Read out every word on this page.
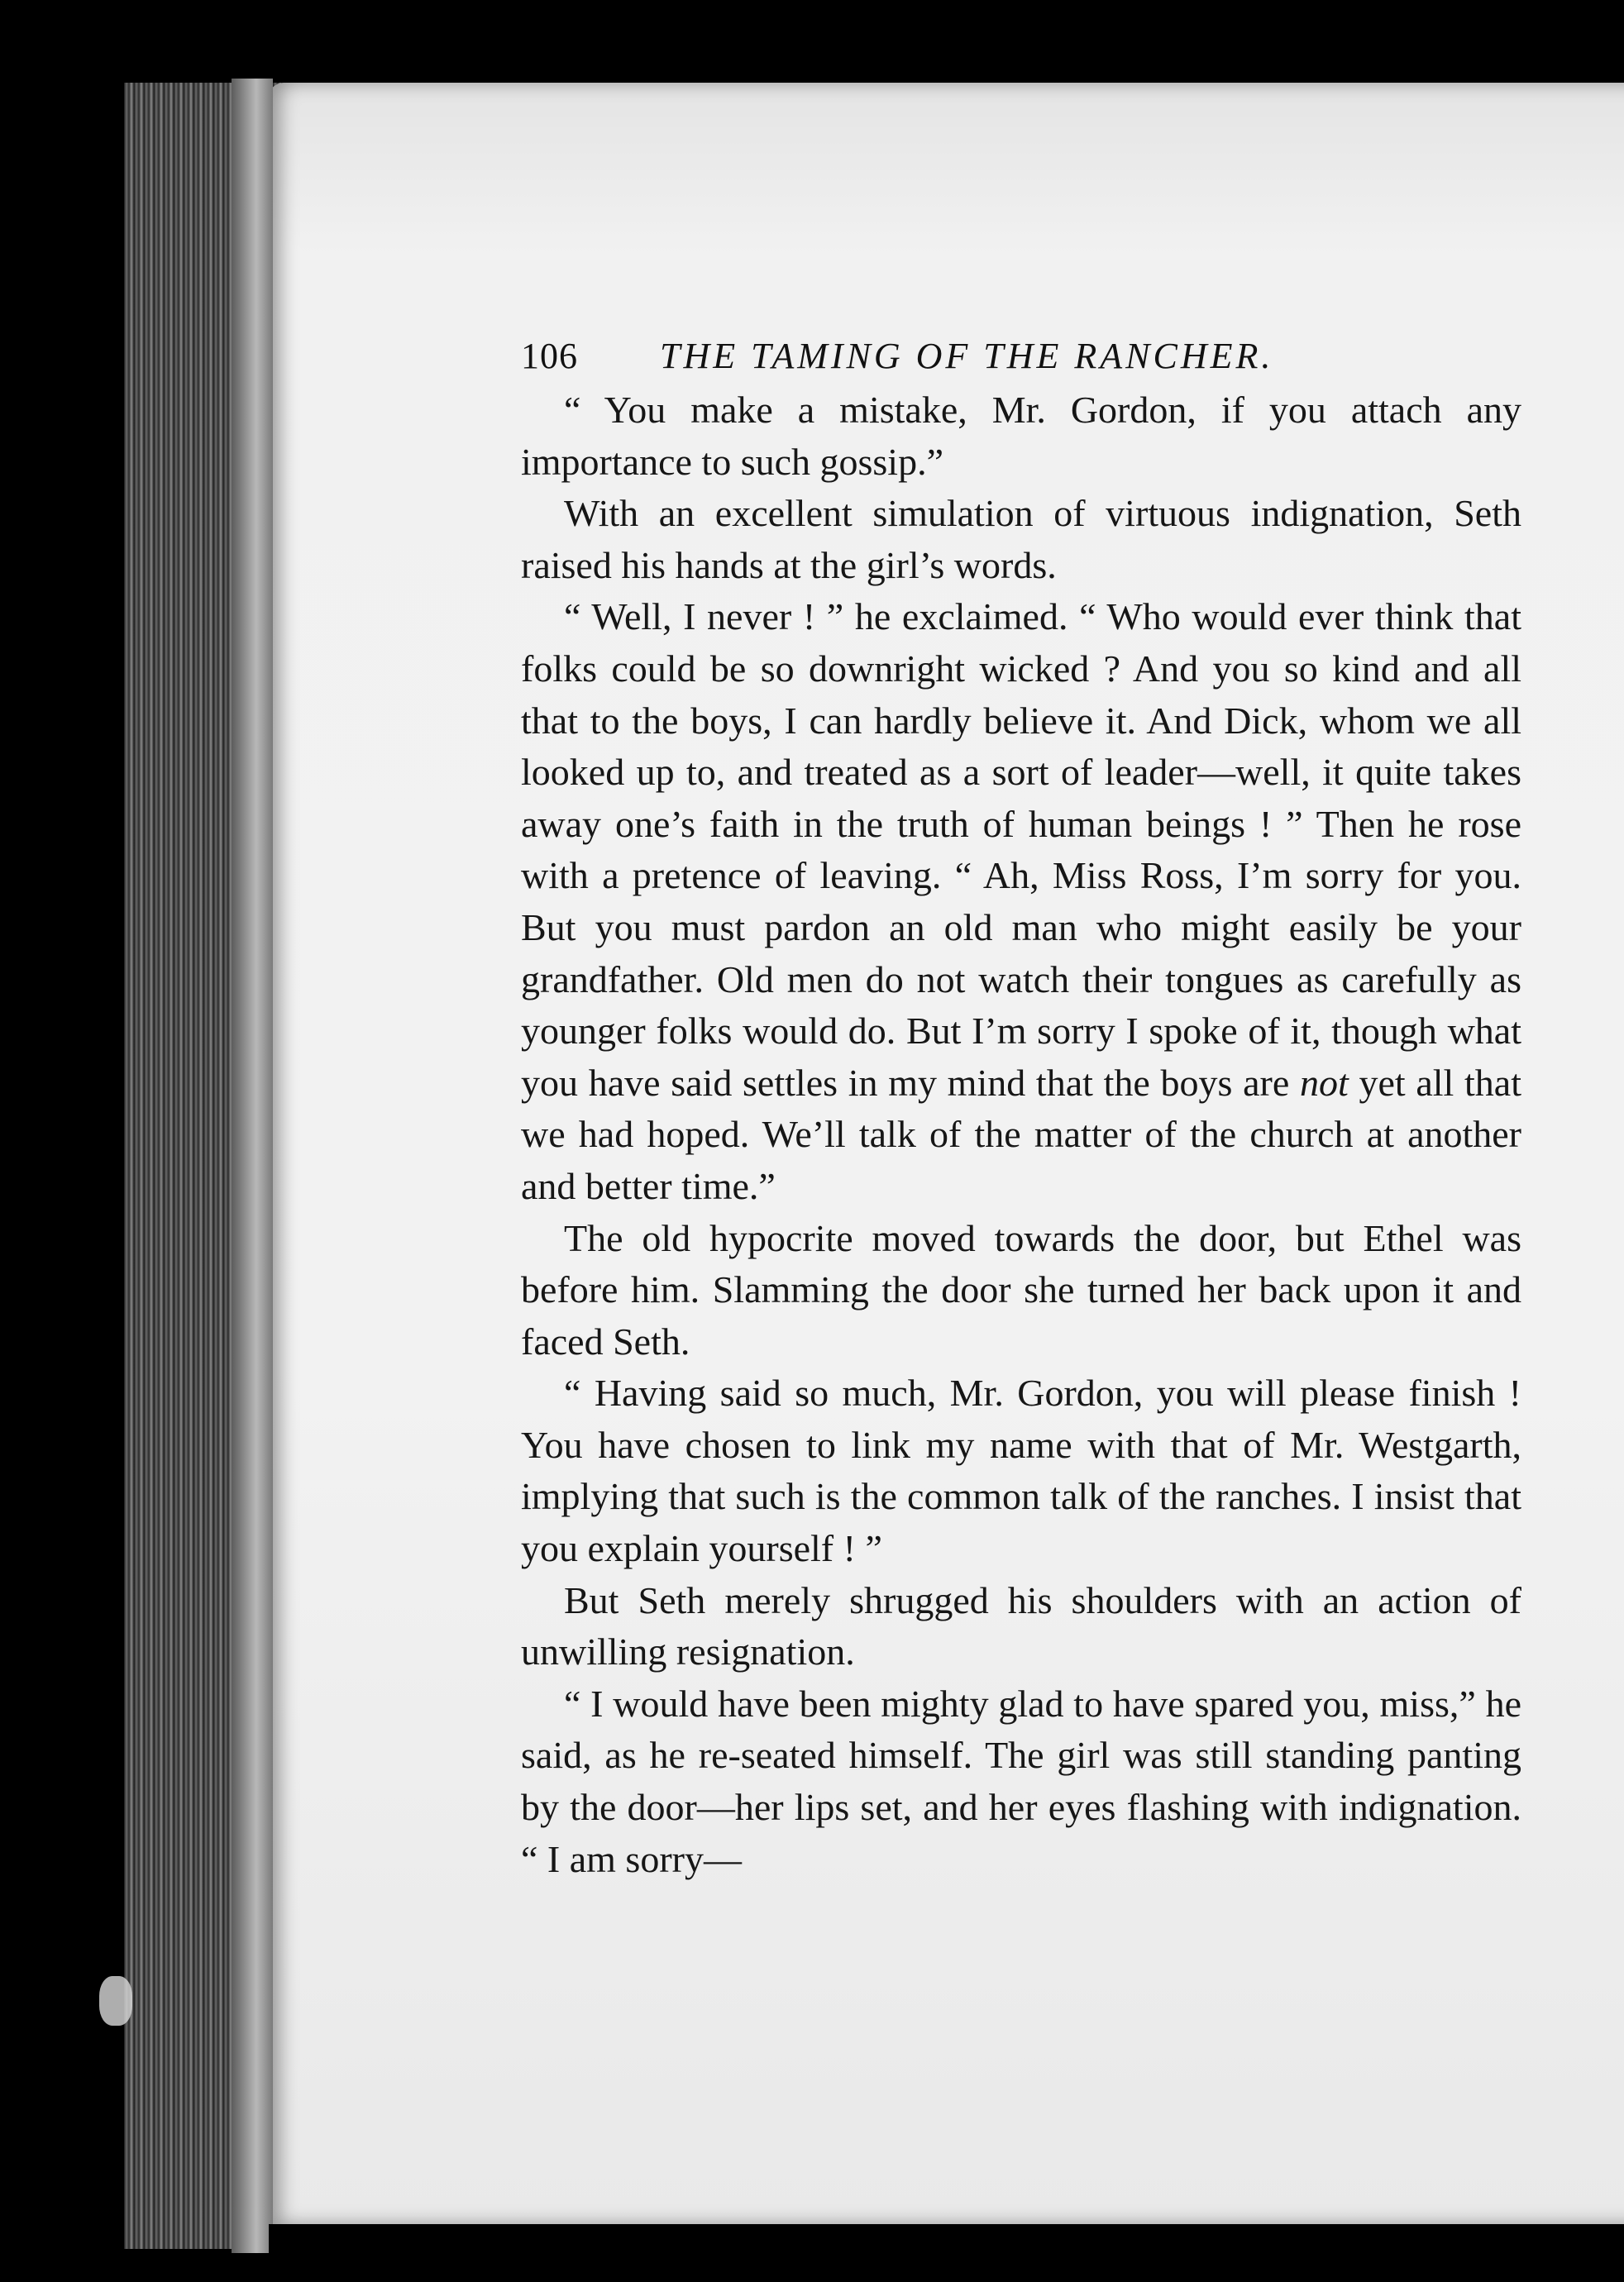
106 THE TAMING OF THE RANCHER.

“ You make a mistake, Mr. Gordon, if you attach any importance to such gossip.”

With an excellent simulation of virtuous indignation, Seth raised his hands at the girl’s words.

“ Well, I never ! ” he exclaimed. “ Who would ever think that folks could be so downright wicked ? And you so kind and all that to the boys, I can hardly believe it. And Dick, whom we all looked up to, and treated as a sort of leader—well, it quite takes away one’s faith in the truth of human beings ! ” Then he rose with a pretence of leaving. “ Ah, Miss Ross, I’m sorry for you. But you must pardon an old man who might easily be your grandfather. Old men do not watch their tongues as carefully as younger folks would do. But I’m sorry I spoke of it, though what you have said settles in my mind that the boys are not yet all that we had hoped. We’ll talk of the matter of the church at another and better time.”

The old hypocrite moved towards the door, but Ethel was before him. Slamming the door she turned her back upon it and faced Seth.

“ Having said so much, Mr. Gordon, you will please finish ! You have chosen to link my name with that of Mr. Westgarth, implying that such is the common talk of the ranches. I insist that you explain yourself ! ”

But Seth merely shrugged his shoulders with an action of unwilling resignation.

“ I would have been mighty glad to have spared you, miss,” he said, as he re-seated himself. The girl was still standing panting by the door—her lips set, and her eyes flashing with indignation. “ I am sorry—
